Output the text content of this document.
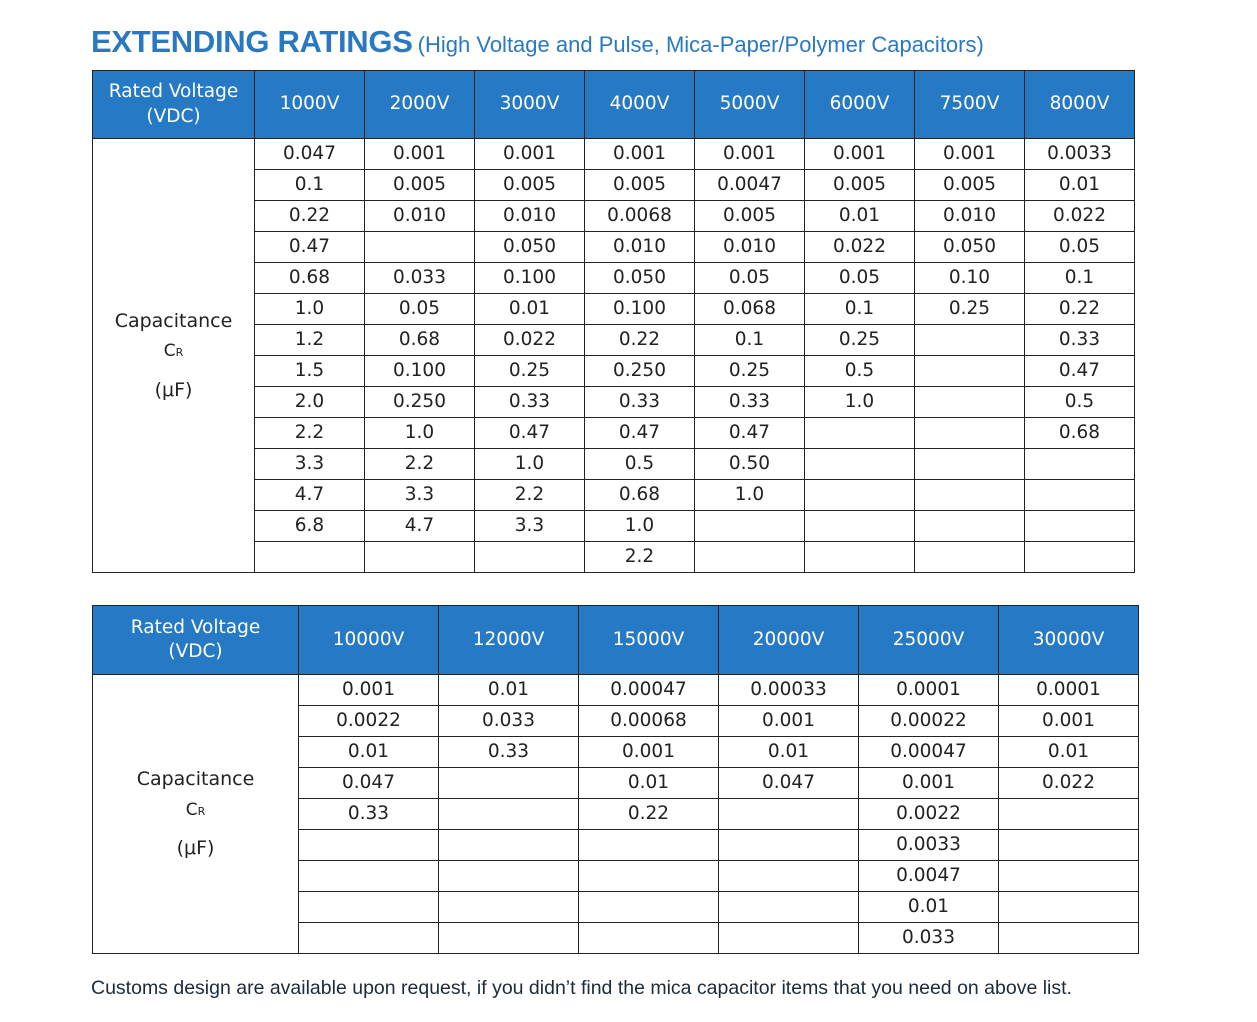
EXTENDING RATINGS (High Voltage and Pulse, Mica-Paper/Polymer Capacitors)
Rated Voltage
(VDC)	1000V	2000V	3000V	4000V	5000V	6000V	7500V	8000V

Capacitance
CR
(μF)	0.047	0.001	0.001	0.001	0.001	0.001	0.001	0.0033
	0.1	0.005	0.005	0.005	0.0047	0.005	0.005	0.01
	0.22	0.010	0.010	0.0068	0.005	0.01	0.010	0.022
	0.47		0.050	0.010	0.010	0.022	0.050	0.05
	0.68	0.033	0.100	0.050	0.05	0.05	0.10	0.1
	1.0	0.05	0.01	0.100	0.068	0.1	0.25	0.22
	1.2	0.68	0.022	0.22	0.1	0.25		0.33
	1.5	0.100	0.25	0.250	0.25	0.5		0.47
	2.0	0.250	0.33	0.33	0.33	1.0		0.5
	2.2	1.0	0.47	0.47	0.47			0.68
	3.3	2.2	1.0	0.5	0.50			
	4.7	3.3	2.2	0.68	1.0			
	6.8	4.7	3.3	1.0				
				2.2				
Rated Voltage
(VDC)	10000V	12000V	15000V	20000V	25000V	30000V

Capacitance
CR
(μF)	0.001	0.01	0.00047	0.00033	0.0001	0.0001
	0.0022	0.033	0.00068	0.001	0.00022	0.001
	0.01	0.33	0.001	0.01	0.00047	0.01
	0.047		0.01	0.047	0.001	0.022
	0.33		0.22		0.0022	
					0.0033	
					0.0047	
					0.01	
					0.033	
Customs design are available upon request, if you didn’t find the mica capacitor items that you need on above list.
